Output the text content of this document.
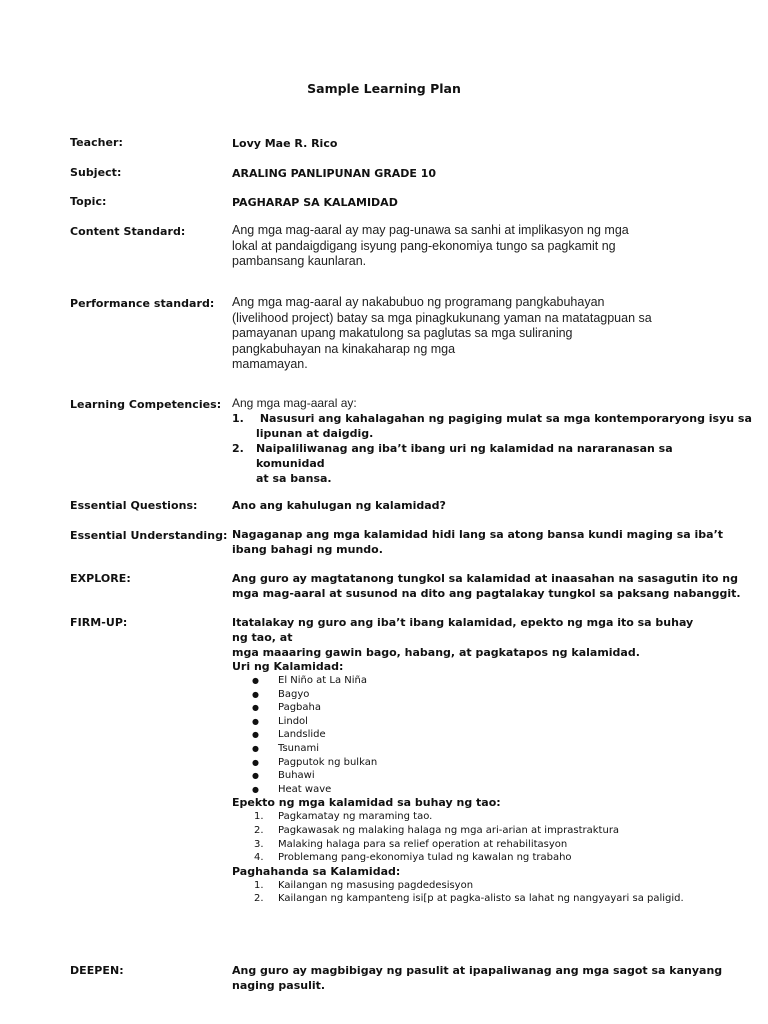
Sample Learning Plan
Teacher:	Lovy Mae R. Rico
Subject:	ARALING PANLIPUNAN GRADE 10
Topic:	PAGHARAP SA KALAMIDAD
Content Standard:	Ang mga mag-aaral ay may pag-unawa sa sanhi at implikasyon ng mga
lokal at pandaigdigang isyung pang-ekonomiya tungo sa pagkamit ng
pambansang kaunlaran.
Performance standard: Ang mga mag-aaral ay nakabubuo ng programang pangkabuhayan
(livelihood project) batay sa mga pinagkukunang yaman na matatagpuan sa
pamayanan upang makatulong sa paglutas sa mga suliraning
pangkabuhayan na kinakaharap ng mga
mamamayan.
Learning Competencies: Ang mga mag-aaral ay:
1.	Nasusuri ang kahalagahan ng pagiging mulat sa mga kontemporaryong isyu sa
lipunan at daigdig.
2.	Naipaliliwanag ang iba’t ibang uri ng kalamidad na nararanasan sa komunidad
at sa bansa.
Essential Questions:	Ano ang kahulugan ng kalamidad?
Essential Understanding: Nagaganap ang mga kalamidad hidi lang sa atong bansa kundi maging sa iba’t
ibang bahagi ng mundo.
EXPLORE:	Ang guro ay magtatanong tungkol sa kalamidad at inaasahan na sasagutin ito ng
mga mag-aaral at susunod na dito ang pagtalakay tungkol sa paksang nabanggit.
FIRM-UP:	Itatalakay ng guro ang iba’t ibang kalamidad, epekto ng mga ito sa buhay ng tao, at
mga maaaring gawin bago, habang, at pagkatapos ng kalamidad.
Uri ng Kalamidad:
●	El Niño at La Niña
●	Bagyo
●	Pagbaha
●	Lindol
●	Landslide
●	Tsunami
●	Pagputok ng bulkan
●	Buhawi
●	Heat wave
Epekto ng mga kalamidad sa buhay ng tao:
1.	Pagkamatay ng maraming tao.
2.	Pagkawasak ng malaking halaga ng mga ari-arian at imprastraktura
3.	Malaking halaga para sa relief operation at rehabilitasyon
4.	Problemang pang-ekonomiya tulad ng kawalan ng trabaho
Paghahanda sa Kalamidad:
1.	Kailangan ng masusing pagdedesisyon
2.	Kailangan ng kampanteng isi[p at pagka-alisto sa lahat ng nangyayari sa paligid.
DEEPEN:	Ang guro ay magbibigay ng pasulit at ipapaliwanag ang mga sagot sa kanyang
naging pasulit.
